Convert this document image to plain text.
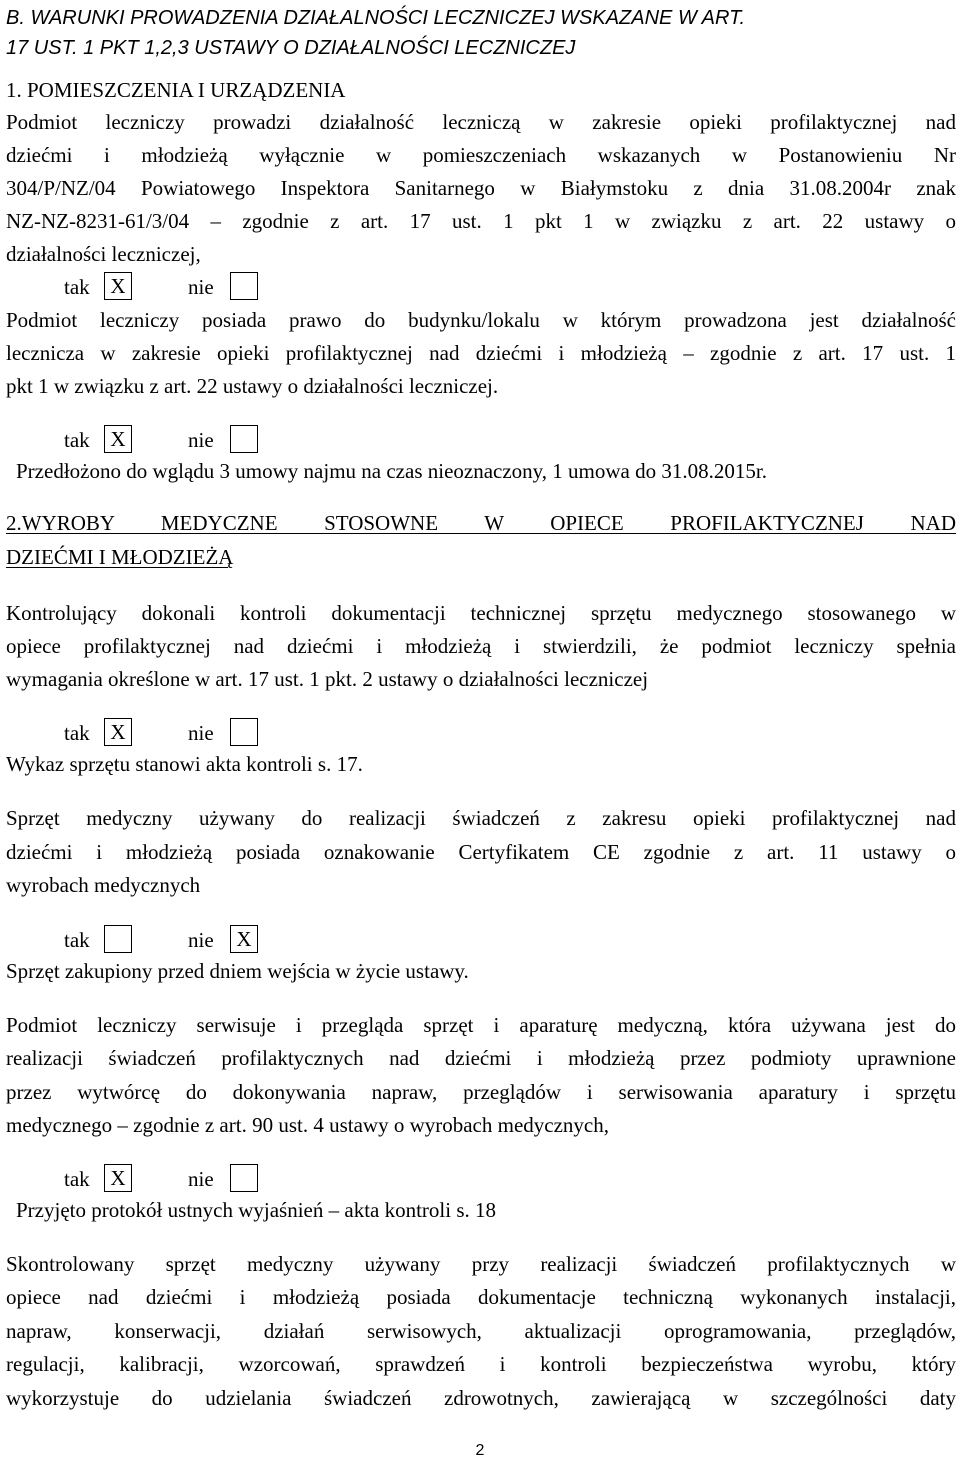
B. WARUNKI PROWADZENIA DZIAŁALNOŚCI LECZNICZEJ WSKAZANE W ART.
17 UST. 1 PKT 1,2,3 USTAWY O DZIAŁALNOŚCI LECZNICZEJ
1. POMIESZCZENIA I URZĄDZENIA
Podmiot leczniczy prowadzi działalność leczniczą w zakresie opieki profilaktycznej nad
dziećmi i młodzieżą wyłącznie w pomieszczeniach wskazanych w Postanowieniu Nr
304/P/NZ/04 Powiatowego Inspektora Sanitarnego w Białymstoku z dnia 31.08.2004r znak
NZ-NZ-8231-61/3/04 – zgodnie z art. 17 ust. 1 pkt 1 w związku z art. 22 ustawy o
działalności leczniczej,
tak X	nie
Podmiot leczniczy posiada prawo do budynku/lokalu w którym prowadzona jest działalność
lecznicza w zakresie opieki profilaktycznej nad dziećmi i młodzieżą – zgodnie z art. 17 ust. 1
pkt 1 w związku z art. 22 ustawy o działalności leczniczej.
tak X	nie
Przedłożono do wglądu 3 umowy najmu na czas nieoznaczony, 1 umowa do 31.08.2015r.
2.WYROBY MEDYCZNE STOSOWNE W OPIECE PROFILAKTYCZNEJ NAD
DZIEĆMI I MŁODZIEŻĄ
Kontrolujący dokonali kontroli dokumentacji technicznej sprzętu medycznego stosowanego w
opiece profilaktycznej nad dziećmi i młodzieżą i stwierdzili, że podmiot leczniczy spełnia
wymagania określone w art. 17 ust. 1 pkt. 2 ustawy o działalności leczniczej
tak X	nie
Wykaz sprzętu stanowi akta kontroli s. 17.
Sprzęt medyczny używany do realizacji świadczeń z zakresu opieki profilaktycznej nad
dziećmi i młodzieżą posiada oznakowanie Certyfikatem CE zgodnie z art. 11 ustawy o
wyrobach medycznych
tak	nie	X
Sprzęt zakupiony przed dniem wejścia w życie ustawy.
Podmiot leczniczy serwisuje i przegląda sprzęt i aparaturę medyczną, która używana jest do
realizacji świadczeń profilaktycznych nad dziećmi i młodzieżą przez podmioty uprawnione
przez wytwórcę do dokonywania napraw, przeglądów i serwisowania aparatury i sprzętu
medycznego – zgodnie z art. 90 ust. 4 ustawy o wyrobach medycznych,
tak X	nie
Przyjęto protokół ustnych wyjaśnień – akta kontroli s. 18
Skontrolowany sprzęt medyczny używany przy realizacji świadczeń profilaktycznych w
opiece nad dziećmi i młodzieżą posiada dokumentacje techniczną wykonanych instalacji,
napraw, konserwacji, działań serwisowych, aktualizacji oprogramowania, przeglądów,
regulacji, kalibracji, wzorcowań, sprawdzeń i kontroli bezpieczeństwa wyrobu, który
wykorzystuje do udzielania świadczeń zdrowotnych, zawierającą w szczególności daty
2
